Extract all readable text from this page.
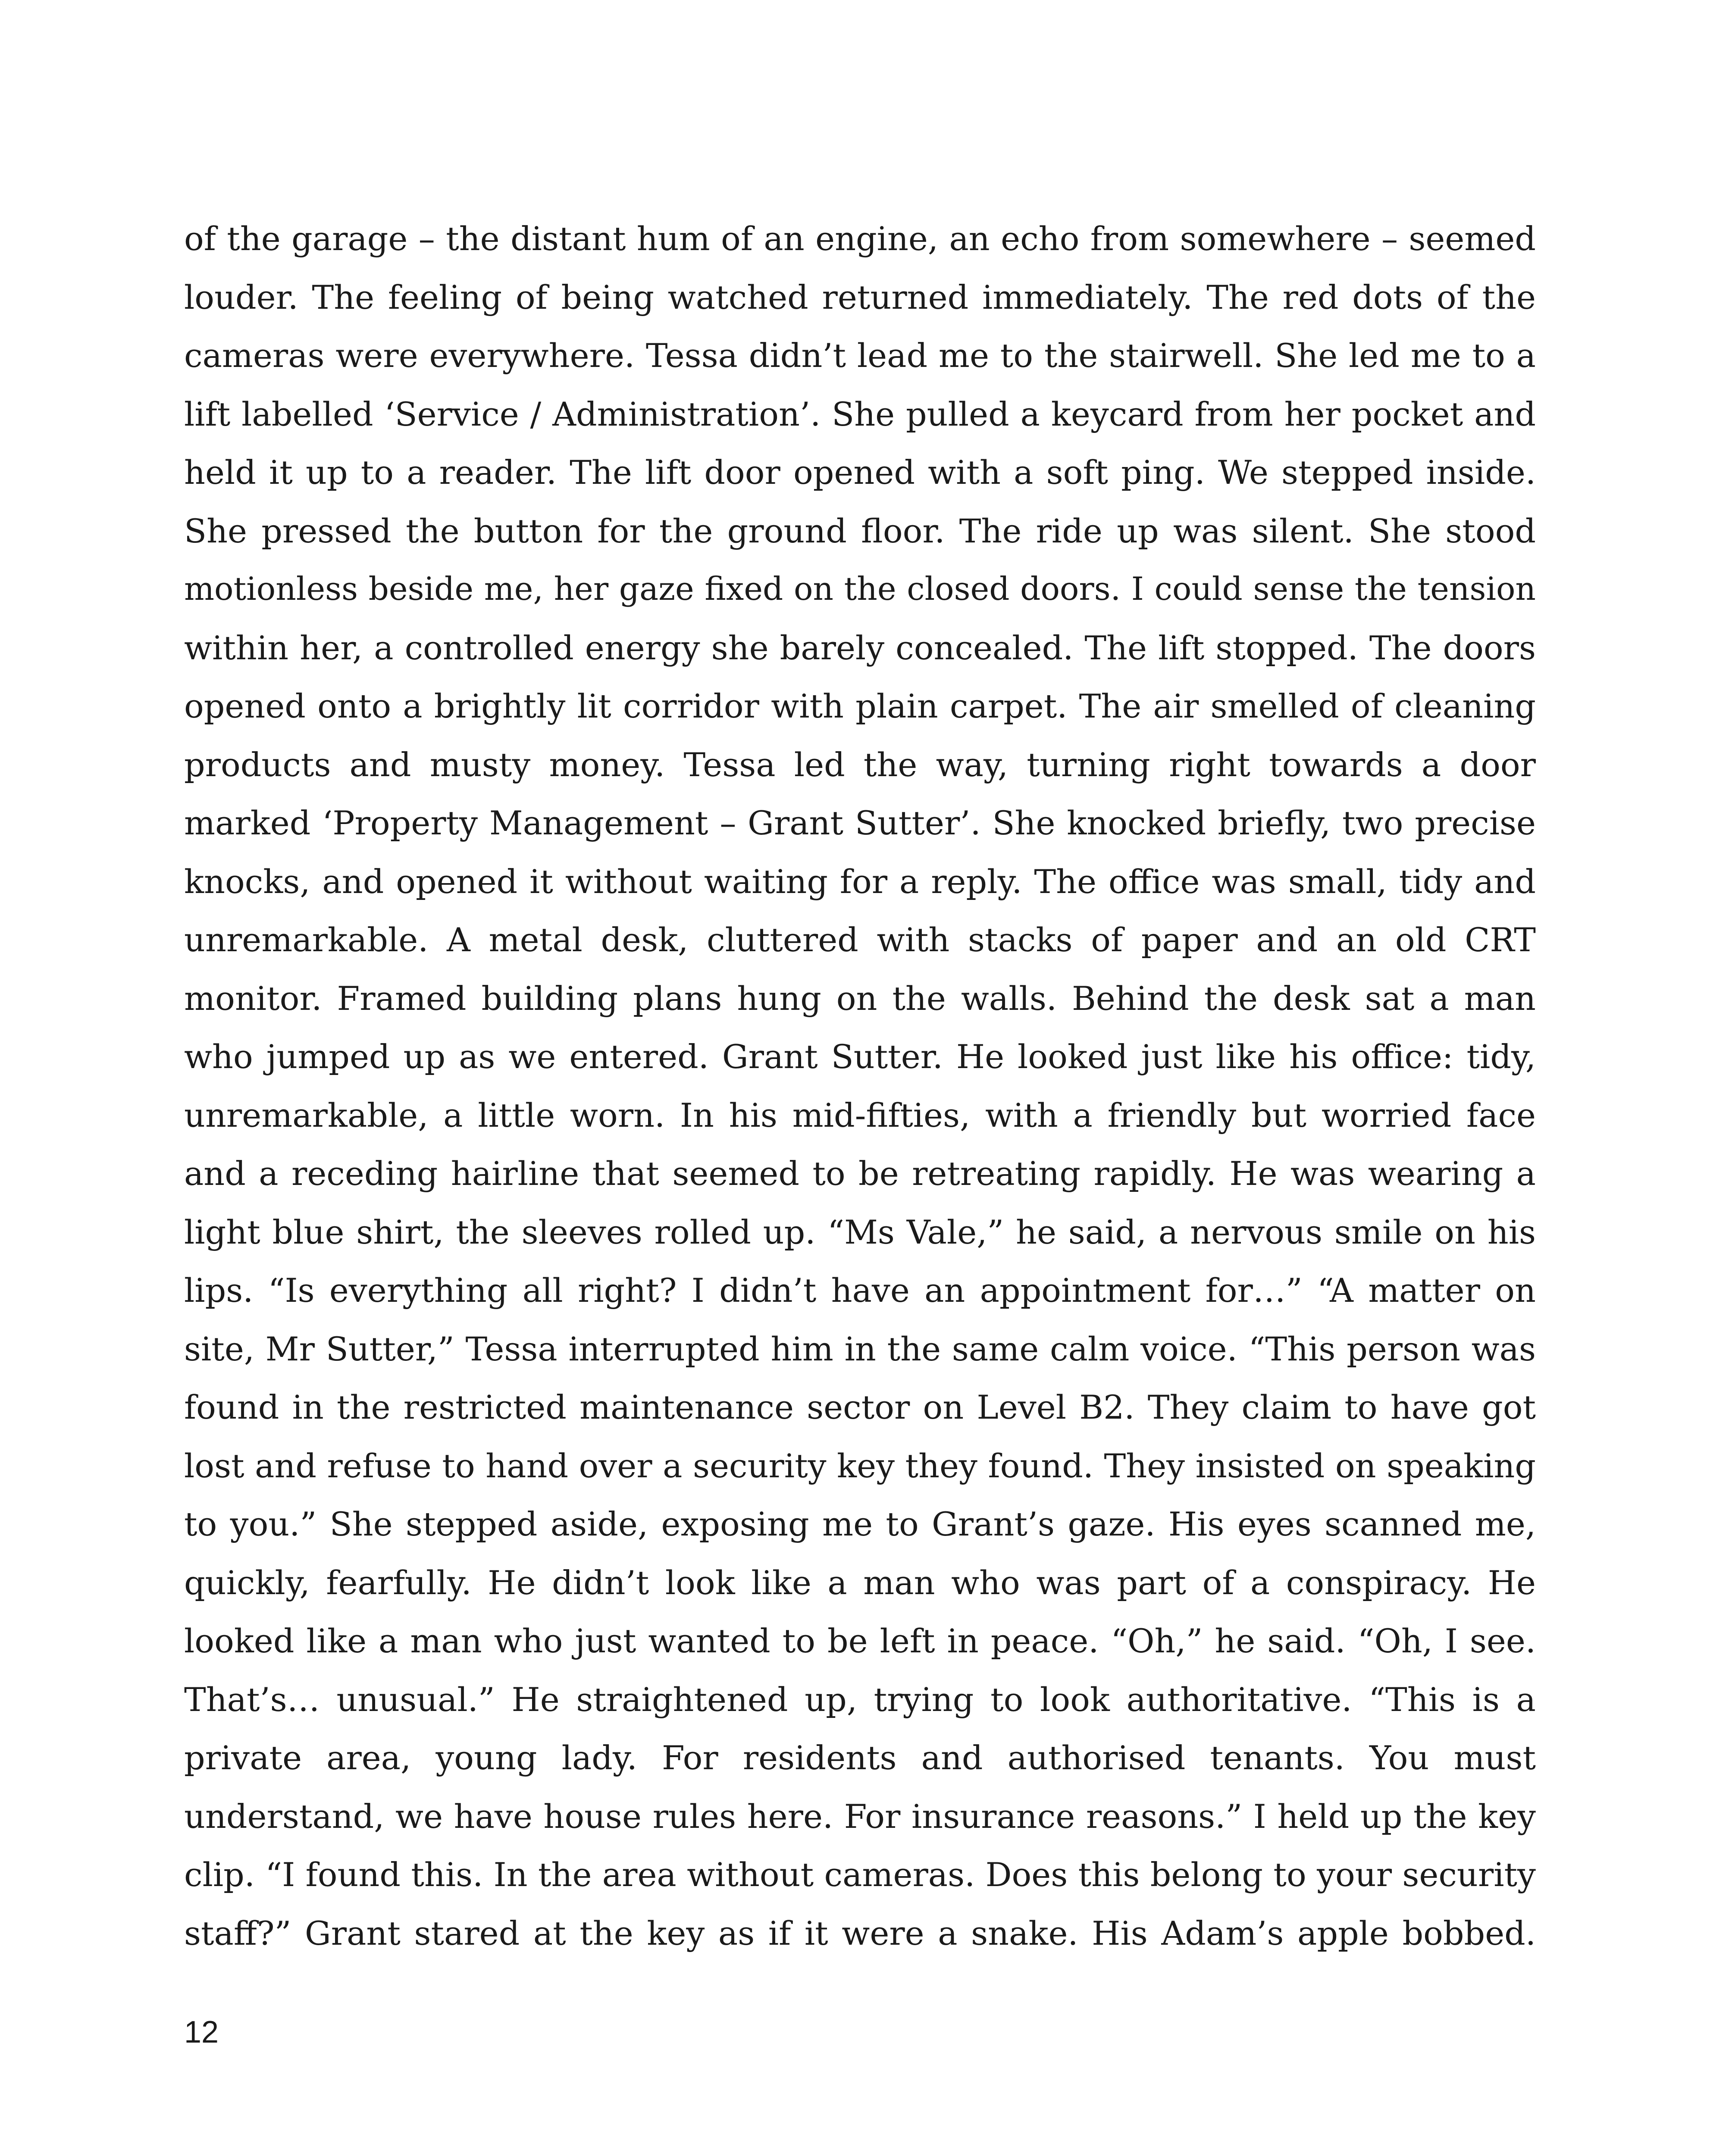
of the garage – the distant hum of an engine, an echo from somewhere – seemed
louder. The feeling of being watched returned immediately. The red dots of the
cameras were everywhere. Tessa didn’t lead me to the stairwell. She led me to a
lift labelled ‘Service / Administration’. She pulled a keycard from her pocket and
held it up to a reader. The lift door opened with a soft ping. We stepped inside.
She pressed the button for the ground floor. The ride up was silent. She stood
motionless beside me, her gaze fixed on the closed doors. I could sense the tension
within her, a controlled energy she barely concealed. The lift stopped. The doors
opened onto a brightly lit corridor with plain carpet. The air smelled of cleaning
products and musty money. Tessa led the way, turning right towards a door
marked ‘Property Management – Grant Sutter’. She knocked briefly, two precise
knocks, and opened it without waiting for a reply. The office was small, tidy and
unremarkable. A metal desk, cluttered with stacks of paper and an old CRT
monitor. Framed building plans hung on the walls. Behind the desk sat a man
who jumped up as we entered. Grant Sutter. He looked just like his office: tidy,
unremarkable, a little worn. In his mid-fifties, with a friendly but worried face
and a receding hairline that seemed to be retreating rapidly. He was wearing a
light blue shirt, the sleeves rolled up. “Ms Vale,” he said, a nervous smile on his
lips. “Is everything all right? I didn’t have an appointment for…” “A matter on
site, Mr Sutter,” Tessa interrupted him in the same calm voice. “This person was
found in the restricted maintenance sector on Level B2. They claim to have got
lost and refuse to hand over a security key they found. They insisted on speaking
to you.” She stepped aside, exposing me to Grant’s gaze. His eyes scanned me,
quickly, fearfully. He didn’t look like a man who was part of a conspiracy. He
looked like a man who just wanted to be left in peace. “Oh,” he said. “Oh, I see.
That’s… unusual.” He straightened up, trying to look authoritative. “This is a
private area, young lady. For residents and authorised tenants. You must
understand, we have house rules here. For insurance reasons.” I held up the key
clip. “I found this. In the area without cameras. Does this belong to your security
staff?” Grant stared at the key as if it were a snake. His Adam’s apple bobbed.
12
